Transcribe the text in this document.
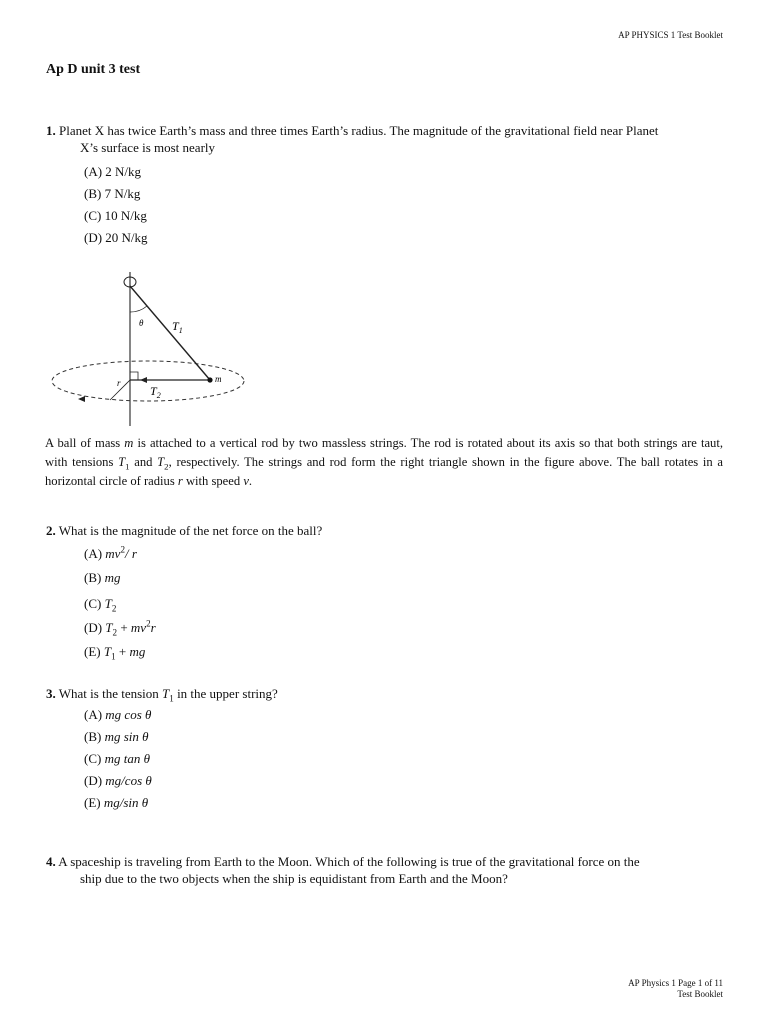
AP PHYSICS 1 Test Booklet
Ap D unit 3 test
1. Planet X has twice Earth’s mass and three times Earth’s radius. The magnitude of the gravitational field near Planet
X’s surface is most nearly
(A) 2 N/kg
(B) 7 N/kg
(C) 10 N/kg
(D) 20 N/kg
θ $T_1$
$T_2$
r	m
A ball of mass m is attached to a vertical rod by two massless strings. The rod is rotated about its axis so that both strings are taut, with tensions $T_1$ and $T_2$, respectively. The strings and rod form the right triangle shown in the figure above. The ball rotates in a horizontal circle of radius r with speed v.
2. What is the magnitude of the net force on the ball?
(A) $mv^2/$ r
(B) mg
(C) $T_2$
(D) $T_2 + mv^2r$
(E) $T_1$ + mg
3. What is the tension $T_1$ in the upper string?
(A) mg cos θ
(B) mg sin θ
(C) mg tan θ
(D) mg/cos θ
(E) mg/sin θ
4. A spaceship is traveling from Earth to the Moon. Which of the following is true of the gravitational force on the
ship due to the two objects when the ship is equidistant from Earth and the Moon?
AP Physics 1 Page 1 of 11
Test Booklet
